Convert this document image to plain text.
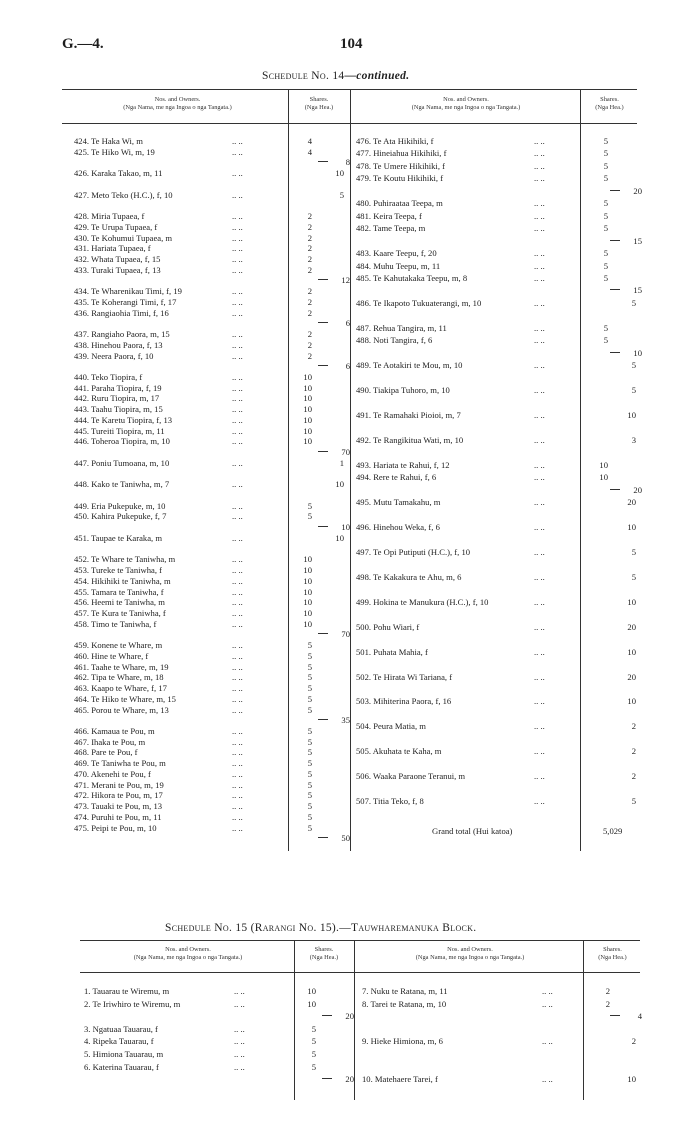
G.—4.	104
Schedule No. 14—continued.
Nos. and Owners.
(Nga Nama, me nga Ingoa o nga Tangata.)
Shares.
(Nga Hea.)
Nos. and Owners.
(Nga Nama, me nga Ingoa o nga Tangata.)
Shares.
(Nga Hea.)
424. Te Haka Wi, m	.. ..	4
425. Te Hiko Wi, m, 19	.. ..	4
8
426. Karaka Takao, m, 11	.. ..	10
427. Meto Teko (H.C.), f, 10	.. ..	5
428. Miria Tupaea, f	.. ..	2
429. Te Urupa Tupaea, f	.. ..	2
430. Te Kohumui Tupaea, m	.. ..	2
431. Hariata Tupaea, f	.. ..	2
432. Whata Tupaea, f, 15	.. ..	2
433. Turaki Tupaea, f, 13	.. ..	2
12
434. Te Wharenikau Timi, f, 19	.. ..	2
435. Te Koherangi Timi, f, 17	.. ..	2
436. Rangiaohia Timi, f, 16	.. ..	2
6
437. Rangiaho Paora, m, 15	.. ..	2
438. Hinehou Paora, f, 13	.. ..	2
439. Neera Paora, f, 10	.. ..	2
6
440. Teko Tiopira, f	.. ..	10
441. Paraha Tiopira, f, 19	.. ..	10
442. Ruru Tiopira, m, 17	.. ..	10
443. Taahu Tiopira, m, 15	.. ..	10
444. Te Karetu Tiopira, f, 13	.. ..	10
445. Tureiti Tiopira, m, 11	.. ..	10
446. Toheroa Tiopira, m, 10	.. ..	10
70
447. Poniu Tumoana, m, 10	.. ..	1
448. Kako te Taniwha, m, 7	.. ..	10
449. Eria Pukepuke, m, 10	.. ..	5
450. Kahira Pukepuke, f, 7	.. ..	5
10
451. Taupae te Karaka, m	.. ..	10
452. Te Whare te Taniwha, m	.. ..	10
453. Tureke te Taniwha, f	.. ..	10
454. Hikihiki te Taniwha, m	.. ..	10
455. Tamara te Taniwha, f	.. ..	10
456. Heemi te Taniwha, m	.. ..	10
457. Te Kura te Taniwha, f	.. ..	10
458. Timo te Taniwha, f	.. ..	10
70
459. Konene te Whare, m	.. ..	5
460. Hine te Whare, f	.. ..	5
461. Taahe te Whare, m, 19	.. ..	5
462. Tipa te Whare, m, 18	.. ..	5
463. Kaapo te Whare, f, 17	.. ..	5
464. Te Hiko te Whare, m, 15	.. ..	5
465. Porou te Whare, m, 13	.. ..	5
35
466. Kamaua te Pou, m	.. ..	5
467. Ihaka te Pou, m	.. ..	5
468. Pare te Pou, f	.. ..	5
469. Te Taniwha te Pou, m	.. ..	5
470. Akenehi te Pou, f	.. ..	5
471. Merani te Pou, m, 19	.. ..	5
472. Hikora te Pou, m, 17	.. ..	5
473. Tauaki te Pou, m, 13	.. ..	5
474. Puruhi te Pou, m, 11	.. ..	5
475. Peipi te Pou, m, 10	.. ..	5
50
476. Te Ata Hikihiki, f	.. ..	5
477. Hineiahua Hikihiki, f	.. ..	5
478. Te Umere Hikihiki, f	.. ..	5
479. Te Koutu Hikihiki, f	.. ..	5
20
480. Puhiraataa Teepa, m	.. ..	5
481. Keira Teepa, f	.. ..	5
482. Tame Teepa, m	.. ..	5
15
483. Kaare Teepu, f, 20	.. ..	5
484. Muhu Teepu, m, 11	.. ..	5
485. Te Kahutakaka Teepu, m, 8	.. ..	5
15
486. Te Ikapoto Tukuaterangi, m, 10	.. ..	5
487. Rehua Tangira, m, 11	.. ..	5
488. Noti Tangira, f, 6	.. ..	5
10
489. Te Aotakiri te Mou, m, 10	.. ..	5
490. Tiakipa Tuhoro, m, 10	.. ..	5
491. Te Ramahaki Pioioi, m, 7	.. ..	10
492. Te Rangikitua Wati, m, 10	.. ..	3
493. Hariata te Rahui, f, 12	.. ..	10
494. Rere te Rahui, f, 6	.. ..	10
20
495. Mutu Tamakahu, m	.. ..	20
496. Hinehou Weka, f, 6	.. ..	10
497. Te Opi Putiputi (H.C.), f, 10	.. ..	5
498. Te Kakakura te Ahu, m, 6	.. ..	5
499. Hokina te Manukura (H.C.), f, 10	.. ..	10
500. Pohu Wiari, f	.. ..	20
501. Puhata Mahia, f	.. ..	10
502. Te Hirata Wi Tariana, f	.. ..	20
503. Mihiterina Paora, f, 16	.. ..	10
504. Peura Matia, m	.. ..	2
505. Akuhata te Kaha, m	.. ..	2
506. Waaka Paraone Teranui, m	.. ..	2
507. Titia Teko, f, 8	.. ..	5
Grand total (Hui katoa)	5,029
Nos. and Owners.
(Nga Nama, me nga Ingoa o nga Tangata.)
Shares.
(Nga Hea.)
Nos. and Owners.
(Nga Nama, me nga Ingoa o nga Tangata.)
Shares.
(Nga Hea.)
1. Tauarau te Wiremu, m	.. ..	10
2. Te Iriwhiro te Wiremu, m	.. ..	10
20
3. Ngatuaa Tauarau, f	.. ..	5
4. Ripeka Tauarau, f	.. ..	5
5. Himiona Tauarau, m	.. ..	5
6. Katerina Tauarau, f	.. ..	5
20
7. Nuku te Ratana, m, 11	.. ..	2
8. Tarei te Ratana, m, 10	.. ..	2
4
9. Hieke Himiona, m, 6	.. ..	2
10. Matehaere Tarei, f	.. ..	10
Schedule No. 15 (Rarangi No. 15).—Tauwharemanuka Block.
